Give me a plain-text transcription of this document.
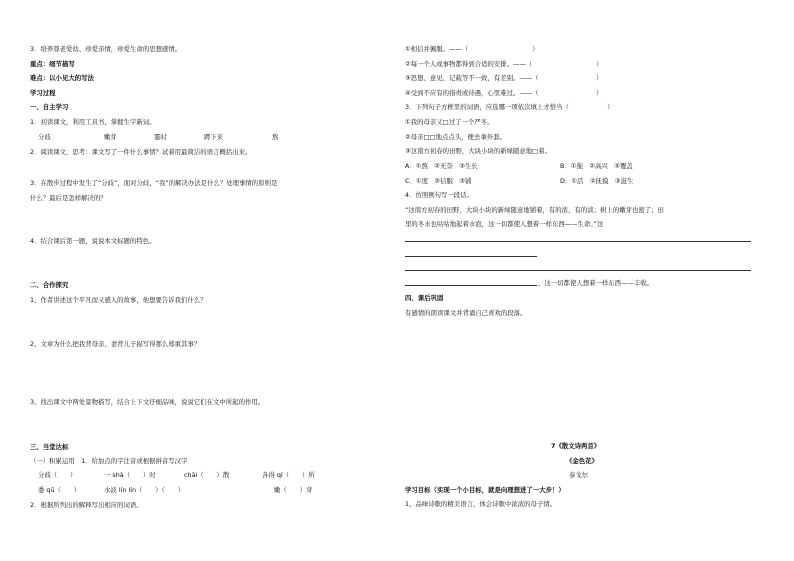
3．培养尊老爱幼、珍爱亲情，珍爱生命的思想感情。
重点：细节描写
难点：以小见大的写法
学习过程
一、自主学习
1．初读课文，利用工具书，掌握生字新词。
分歧	嫩芽	霎时	蹲下来	熬
2．阅读课文，思考：课文写了一件什么事情？试着用最简洁的语言概括出来。
3．在散步过程中发生了“分歧”，面对分歧，“我”的解决办法是什么？处理事情的原则是
什么？最后是怎样解决的？
4．结合课后第一题，说说本文标题的特色。
二、合作探究
1、作者讲述这个平凡而又感人的故事，他想要告诉我们什么？
2、文章为什么把我背母亲、妻背儿子描写得那么郑重其事？
3、找出课文中两处景物描写，结合上下文仔细品味，说说它们在文中所起的作用。
三、当堂达标
（一）积累运用　1．给加点的字注音或根据拼音写汉字
分歧（　　）	一 shà（　　）时	chāi（　　）散	各得 qí（　　）所
委 qū（　　）	水波 lín lín（　　）（　　）	嫩（　　）芽
2．根据所列出的解释写出相应的词语。
①相信并佩服。——（　　　　　　　　　　）
②每一个人或事物都得到合适的安排。——（　　　　　　　　　　）
③思想、意见、记载等不一致，有差别。——（　　　　　　　　　）
④受到不应有的指责或待遇，心里难过。——（　　　　　　　　　）
3．下列句子方框里的词语，应选哪一项依次填上才恰当（　　　　　　）
①我的母亲又□过了一个严冬。
②母亲□□地点点头，便去拿外套。
③这南方初春的田野，大块小块的新绿随意地□着。
A．①熬　②无奈　③生长	B．①拖　②高兴　③覆盖
C．①度　②信服　③铺	D．①活　②抚摸　③滋生
4．仿照例句写一段话。
“这南方初春的田野，大块小块的新绿随意地铺着，有的浓，有的淡；树上的嫩芽也密了；田
里的冬水也咕咕地起着水泡，这一切都使人想着一样东西——生命。”这
，这一切都使人想着一样东西——丰收。
四、课后巩固
有感情的朗读课文并背诵自己喜欢的段落。
7《散文诗两首》
《金色花》
泰戈尔
学习目标（实现一个小目标，就是向理想进了一大步！）
1、品味诗歌的精美语言，体会诗歌中浓浓的母子情。
